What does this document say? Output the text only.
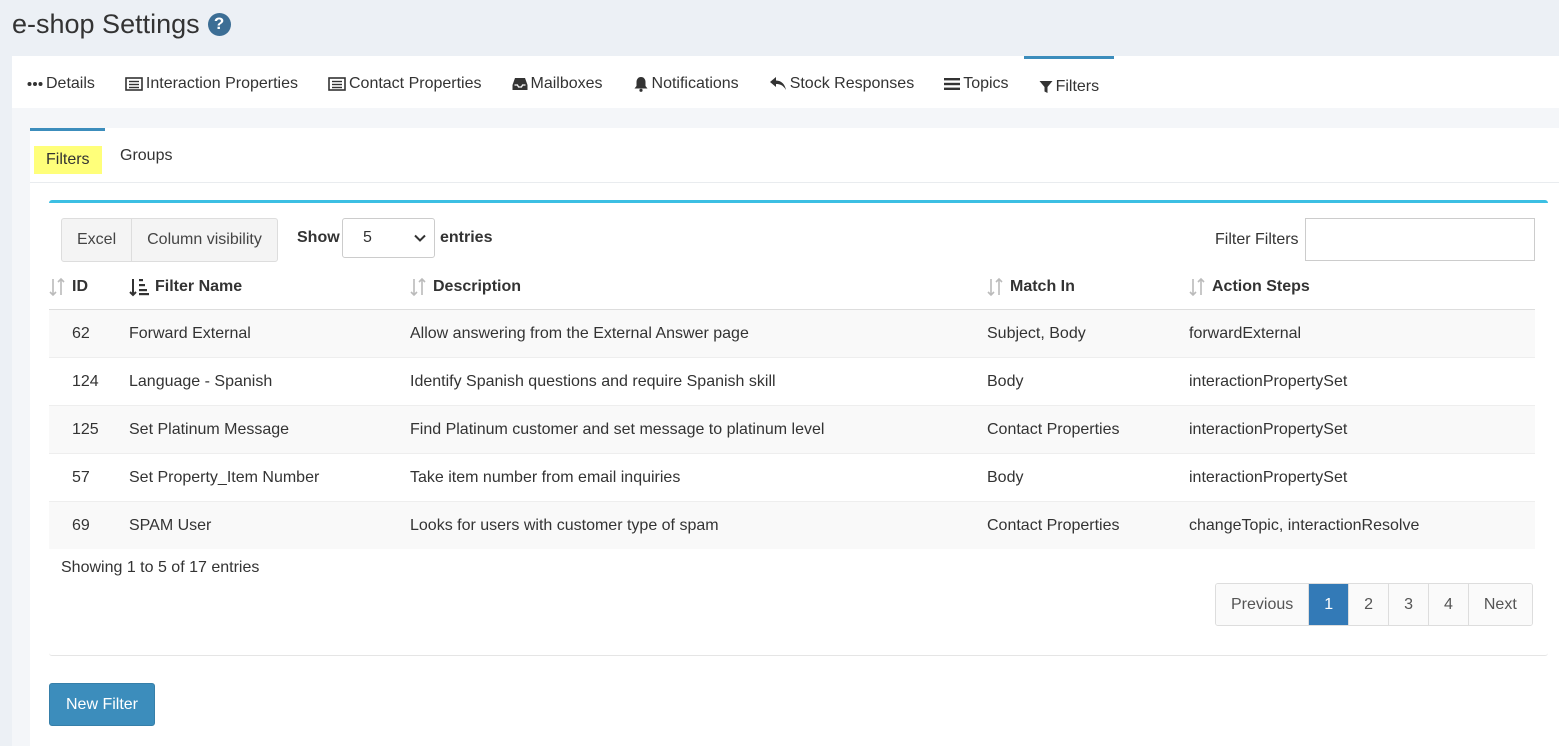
e-shop Settings ?
Details	Interaction Properties	Contact Properties	Mailboxes	Notifications	Stock Responses	Topics	Filters
Filters	Groups
Excel	Column visibility	Show 5	entries	Filter Filters
ID	Filter Name	Description	Match In	Action Steps

62	Forward External	Allow answering from the External Answer page	Subject, Body	forwardExternal
124	Language - Spanish	Identify Spanish questions and require Spanish skill	Body	interactionPropertySet
125	Set Platinum Message	Find Platinum customer and set message to platinum level	Contact Properties	interactionPropertySet
57	Set Property_Item Number	Take item number from email inquiries	Body	interactionPropertySet
69	SPAM User	Looks for users with customer type of spam	Contact Properties	changeTopic, interactionResolve
Showing 1 to 5 of 17 entries
Previous	1	2	3	4	Next
New Filter
